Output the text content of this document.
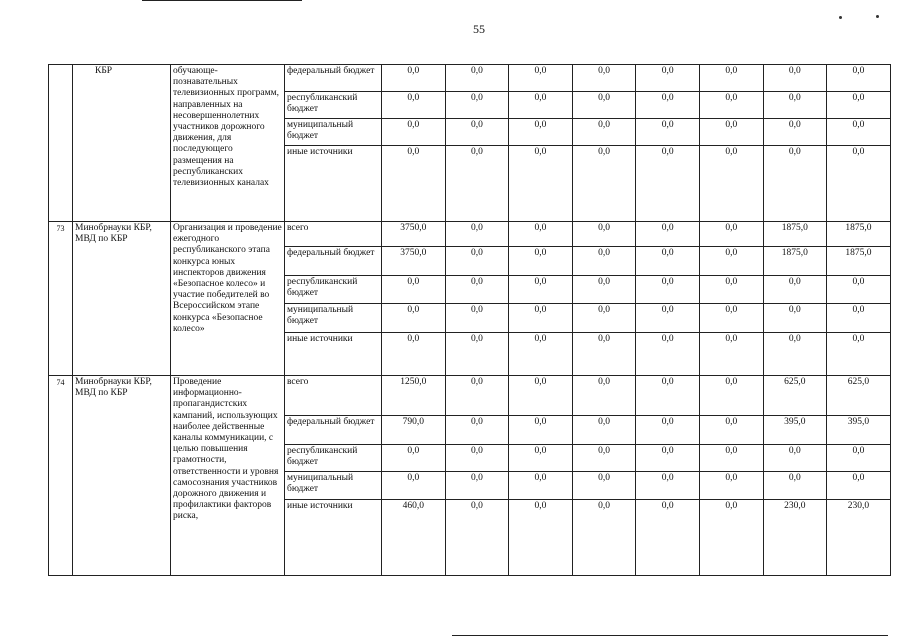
55
	КБР	обучающе-познавательных телевизионных программ, направленных на несовершеннолетних участников дорожного движения, для последующего размещения на республиканских телевизионных каналах	федеральный бюджет	0,0	0,0	0,0	0,0	0,0	0,0	0,0	0,0
			республиканский бюджет	0,0	0,0	0,0	0,0	0,0	0,0	0,0	0,0
			муниципальный бюджет	0,0	0,0	0,0	0,0	0,0	0,0	0,0	0,0
			иные источники	0,0	0,0	0,0	0,0	0,0	0,0	0,0	0,0
73	Минобрнауки КБР, МВД по КБР	Организация и проведение ежегодного республиканского этапа конкурса юных инспекторов движения «Безопасное колесо» и участие победителей во Всероссийском этапе конкурса «Безопасное колесо»	всего	3750,0	0,0	0,0	0,0	0,0	0,0	1875,0	1875,0
			федеральный бюджет	3750,0	0,0	0,0	0,0	0,0	0,0	1875,0	1875,0
			республиканский бюджет	0,0	0,0	0,0	0,0	0,0	0,0	0,0	0,0
			муниципальный бюджет	0,0	0,0	0,0	0,0	0,0	0,0	0,0	0,0
			иные источники	0,0	0,0	0,0	0,0	0,0	0,0	0,0	0,0
74	Минобрнауки КБР, МВД по КБР	Проведение информационно-пропагандистских кампаний, использующих наиболее действенные каналы коммуникации, с целью повышения грамотности, ответственности и уровня самосознания участников дорожного движения и профилактики факторов риска,	всего	1250,0	0,0	0,0	0,0	0,0	0,0	625,0	625,0
			федеральный бюджет	790,0	0,0	0,0	0,0	0,0	0,0	395,0	395,0
			республиканский бюджет	0,0	0,0	0,0	0,0	0,0	0,0	0,0	0,0
			муниципальный бюджет	0,0	0,0	0,0	0,0	0,0	0,0	0,0	0,0
			иные источники	460,0	0,0	0,0	0,0	0,0	0,0	230,0	230,0
